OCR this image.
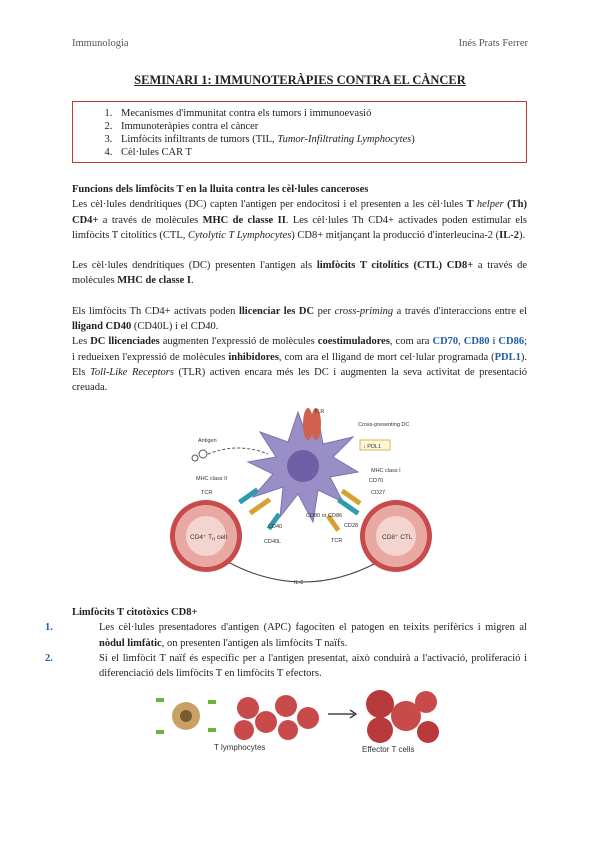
Immunologia	Inés Prats Ferrer
SEMINARI 1: IMMUNOTERÀPIES CONTRA EL CÀNCER
1. Mecanismes d'immunitat contra els tumors i immunoevasió
2. Immunoteràpies contra el càncer
3. Limfòcits infiltrants de tumors (TIL, Tumor-Infiltrating Lymphocytes)
4. Cèl·lules CAR T

Funcions dels limfòcits T en la lluita contra les cèl·lules canceroses

Les cèl·lules dendrítiques (DC) capten l'antigen per endocitosi i el presenten a les cèl·lules T helper (Th) CD4+ a través de molècules MHC de classe II. Les cèl·lules Th CD4+ activades poden estimular els limfòcits T citolítics (CTL, Cytolytic T Lymphocytes) CD8+ mitjançant la producció d'interleucina-2 (IL-2).

Les cèl·lules dendrítiques (DC) presenten l'antigen als limfòcits T citolítics (CTL) CD8+ a través de molècules MHC de classe I.

Els limfòcits Th CD4+ activats poden llicenciar les DC per cross-priming a través d'interaccions entre el lligand CD40 (CD40L) i el CD40.

Les DC llicenciades augmenten l'expressió de molècules coestimuladores, com ara CD70, CD80 i CD86; i redueixen l'expressió de molècules inhibidores, com ara el lligand de mort cel·lular programada (PDL1). Els Toll-Like Receptors (TLR) activen encara més les DC i augmenten la seva activitat de presentació creuada.

CD4⁺ $T_H$ cell	CD8⁺ CTL
TLR
Cross-presenting DC
↓ PDL1
Antigen
MHC class II
TCR
CD40
CD40L
CD80 or CD86
CD28
MHC class I
CD70
CD27
TCR
IL-2

Limfòcits T citotòxics CD8+

1.	Les cèl·lules presentadores d'antigen (APC) fagociten el patogen en teixits perifèrics i migren al nòdul limfàtic, on presenten l'antigen als limfòcits T naïfs.

2.	Si el limfòcit T naïf és específic per a l'antigen presentat, això conduirà a l'activació, proliferació i diferenciació dels limfòcits T en limfòcits T efectors.

T lymphocytes	Effector T cells
